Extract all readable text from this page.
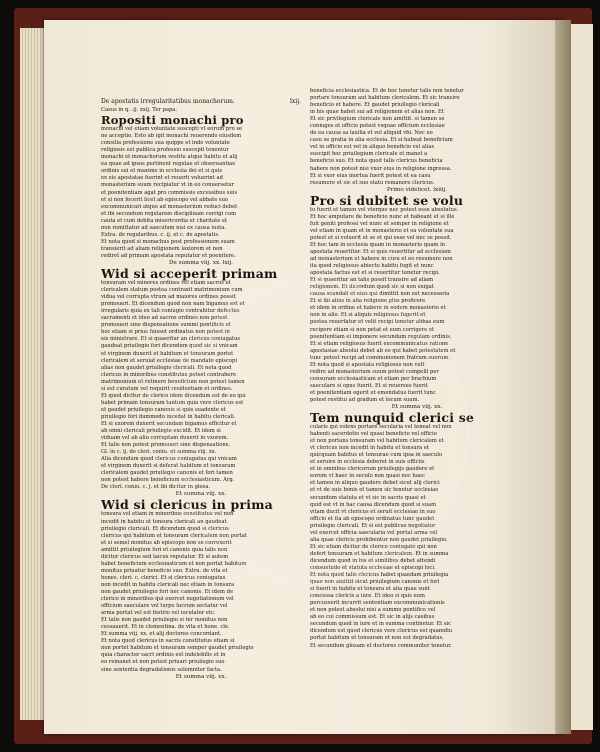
De apostatis irregularitatibus monachorum.	lxij.
Casus in q. .ij. xxij. Ter papa.
Ropositi monachi pro
monachi vel etiam voluntate suscepti vt eorum pro se
ne acceptio. Esto ab igit monachi reuerendo eiusdem
consilia professione sua quippe et inde voluntate
religiosis est publica professio suscepti tenentur
monachi et monachorum vestitu atque habitu et alij
ea quae ad ipsos pertinent regulae et obseruantiae
ordinis sui et maxime in ecclesia dei et si quis
ex eis apostatae fuerint et reuerti voluerint ad
monasterium suum recipiatur vt in eo conuersetur
et poenitentiam agat pro commissis excessibus suis
et si non fecerit licet ab episcopo vel abbate suo
excommunicari atque ad monasterium reduci debet
et ibi secundum regularem disciplinam corrigi cum
cauta et cum debita misericordia et charitate et
non remittatur ad saeculum nisi ex causa iusta.
Extra. de regularibus. c. ij. et c. de apostatis.
Et nota quod si monachus post professionem suam
transierit ad aliam religionem laxiorem et non
rediret ad primam apostata reputatur et poenitere.
De summa viij. xx. lxij.
Wid si acceperit primam
tonsuram vel minores ordines vel etiam sacros et
clericalem statum postea contraxit matrimonium cum
vidua vel corrupta vtrum ad maiores ordines possit
promoueri. Et dicendum quod non nam bigamus est et
irregularis quia ex tali coniugio contrahitur defectus
sacramenti et ideo ad sacros ordines non potest
promoueri sine dispensatione summi pontificis et
hoc etiam si prius fuisset ordinatus non potest in
eis ministrare. Et si quaeritur an clericus coniugatus
gaudeat priuilegio fori dicendum quod sic si vnicam
et virginem duxerit et habitum et tonsuram portet
clericalem et seruiat ecclesiae de mandato episcopi
alias non gaudet priuilegio clericali. Et nota quod
clericus in minoribus constitutus potest contrahere
matrimonium et retinere beneficium non potest tamen
si est curatum vel requirit residentiam et ordines.
Et quod dicitur de clerico idem dicendum est de eo qui
habet primam tonsuram tantum quia vere clericus est
et gaudet priuilegio canonis si quis suadente et
priuilegio fori dummodo incedat in habitu clericali.
Et si uxorem duxerit secundam bigamus efficitur et
ab omni clericali priuilegio excidit. Et idem si
viduam vel ab alio corruptam duxerit in vxorem.
Et talis non potest promoueri sine dispensatione.
Gl. in c. ij. de cleri. coniu. et summa viij. xx.
Alia dicendum quod clericus coniugatus qui vnicam
et virginem duxerit si deferat habitum et tonsuram
clericalem gaudet priuilegio canonis et fori tamen
non potest habere beneficium ecclesiasticum. Arg.
De cleri. coniu. c. j. et ibi dicitur in glosa.
Et summa viij. xx.
Wid si clericus in prima
tonsura vel etiam in minoribus constitutus vel non
incedit in habitu et tonsura clericali an gaudeat
priuilegio clericali. Et dicendum quod si clericus
clericus qui habitum et tonsuram clericalem non portat
et si semel monitus ab episcopo non se correxerit
amittit priuilegium fori et canonis quia talis non
dicitur clericus sed laicus reputatur. Et si autem
habet beneficium ecclesiasticum et non portat habitum
monitus priuatur beneficio suo. Extra. de vita et
hones. cleri. c. clerici. Et si clericus coniugatus
non incedit in habitu clericali nec etiam in tonsura
non gaudet priuilegio fori nec canonis. Et idem de
clerico in minoribus qui exercet negotiationem vel
officium saeculare vel turpe lucrum sectatur vel
arma portat vel est histrio vel ioculator etc.
Et talis non gaudet priuilegio si ter monitus non
cessauerit. Et in clementina. de vita et hone. cle.
Et summa viij. xx. et alij doctores concordant.
Et nota quod clericus in sacris constitutus etiam si
non portet habitum et tonsuram semper gaudet priuilegio
quia character sacri ordinis est indelebilis et in
eo remanet et non potest priuari priuilegio suo
sine sententia degradationis solemniter facta.
Et summa viij. xx.
beneficia ecclesiastica. Et de hoc tenetur talis non tenetur
portare tonsuram aut habitum clericalem. Et sic transire
beneficio et habere. Et gaudet priuilegio clericali
in his quae habet sui ad religionem et alias non. Et
Et sic privilegium clericale non amittit. si tamen se
coniuges et officio potest vsquae officium ecclesiae
de ea causa sa laxilia et vel aliquid vbi. Nec eo
casu se gratia in alia ecclesia. Et si habeat beneficium
vel in officio est vel in aliquo beneficio vel alias
suscipit hoc priuilegium clericale et manet a
beneficio suo. Et nota quod talis clericus beneficia
habere non potest nisi vxor eius in religione ingressa.
Et si vxor eius mortua fuerit potest et ea casu
resumere et sic et suo statu remanere clericus.
Primo videlicet. lxiiij.
Pro si dubitet se volu
to fuerit et tamen vel vterque nec potest esse absolutus.
Et hoc amputare de beneficio nunc et habeant et si ille
fuit geniti professi vel nunc et semper in religione et
vel etiam in quam et in monasterio et ea voluntate sua
potest et si voluerit et se et qui esse vel nec se possit.
Et hoc tam in ecclesia quam in monasterio quam in
apostata reuertitur. Et si quis reuertitur ad ecclesiam
ad monasterium et habere in cura et eo resumere non
ita quod religiosus abiecto habitu fugit et nunc
apostata factus est et si reuertitur tenetur recipi.
Et si quaeritur an talis possit transire ad aliam
religionem. Et dicendum quod sic si non exigat
causa scandali et eius qui dimittit non est necessaria
Et si ibi alius in alia religione plus proficere
et idem in ordine et habere in eodem monasterio et
non in alio. Et si aliquis religiosus fugerit et
postea reuertatur et velit recipi tenetur abbas eum
recipere etiam si non petat et eum corrigere et
poenitentiam ei imponere secundum regulam ordinis.
Et si etiam religiosus fuerit excommunicatus ratione
apostasiae absolui debet ab eo qui habet potestatem et
tunc potest recipi ad communionem fratrum suorum.
Et nota quod si apostata religiosus non vult
redire ad monasterium suum potest compelli per
censuram ecclesiasticam et etiam per brachium
saeculare si opus fuerit. Et si reuersus fuerit
et poenitentiam egerit et emendatus fuerit tunc
potest restitui ad gradum et locum suum.
Et summa viij. xx.
Tem nunquid clerici se
cularis qui volens portare secularia vel teneat vel non
habenti sacerdotio vel quasi beneficio vel officio
et non portans tonsuram vel habitum clericalem et
vt clericus non incedit in habitu et tonsura et
quicquam habitus et tonsurae cum ipsa in saeculo
et seruire in ecclesia deberet in suis officiis
et in omnibus clericorum priuilegijs gaudere et
eorum vt haec in seculo non quasi nec haec
et tamen in aliquo gaudere debet sicut alij clerici
et vt de suis bonis et tamen sic tenetur ecclesiae
secundum statuta et vt sic in sacris quasi et
quid est vt in hac causa dicendum quod si suam
vitam ducit vt clericus et seruit ecclesiae in suo
officio et ita ab episcopo ordinatus tunc gaudet
priuilegio clericali. Et si est publicus negotiator
vel exercet officia saecularia vel portat arma vel
alia quae clericis prohibentur non gaudet priuilegio.
Et sic etiam dicitur de clerico coniugato qui non
defert tonsuram et habitum clericalem. Et in summa
dicendum quod in his et similibus debet attendi
consuetudo et statuta ecclesiae et episcopi loci.
Et nota quod talis clericus habet quaedam priuilegia
quae non amittit sicut priuilegium canonis et fori
si fuerit in habitu et tonsura et alia quae sunt
concessa clericis a iure. Et ideo si quis eum
percusserit incurrit sententiam excommunicationis
et non potest absolui nisi a summo pontifice vel
ab eo cui commissum est. Et sic in alijs casibus
secundum quod in iure et in summa continetur. Et sic
dicendum est quod clericus vere clericus est quamdiu
portat habitum et tonsuram et non est degradatus.
Et secundum glosam et doctores communiter tenetur.
